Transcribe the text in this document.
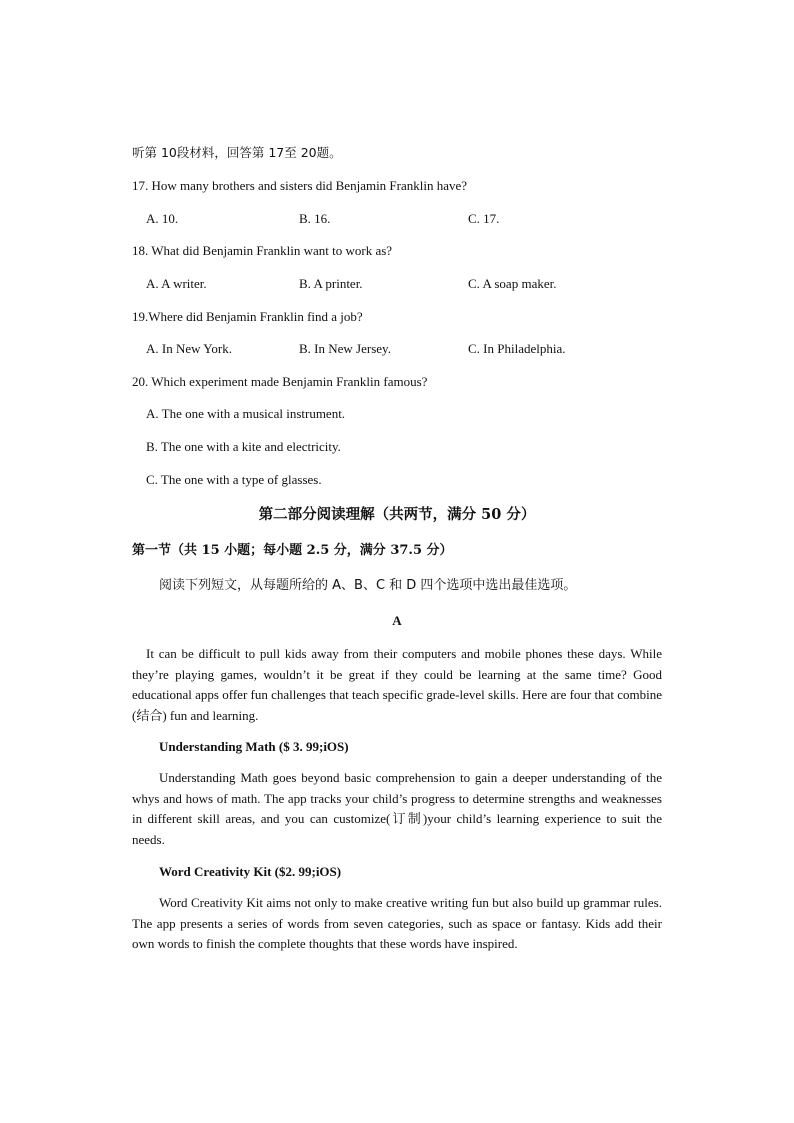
听第 10段材料，回答第 17至 20题。
17. How many brothers and sisters did Benjamin Franklin have?
A. 10.	B. 16.	C. 17.
18. What did Benjamin Franklin want to work as?
A. A writer.	B. A printer.	C. A soap maker.
19.Where did Benjamin Franklin find a job?
A. In New York.	B. In New Jersey.	C. In Philadelphia.
20. Which experiment made Benjamin Franklin famous?
A. The one with a musical instrument.
B. The one with a kite and electricity.
C. The one with a type of glasses.
第二部分阅读理解（共两节，满分 50 分）
第一节（共 15 小题；每小题 2.5 分，满分 37.5 分）
阅读下列短文，从每题所给的 A、B、C 和 D 四个选项中选出最佳选项。
A
It can be difficult to pull kids away from their computers and mobile phones these days. While they’re playing games, wouldn’t it be great if they could be learning at the same time? Good educational apps offer fun challenges that teach specific grade-level skills. Here are four that combine (结合) fun and learning.
Understanding Math ($ 3. 99;iOS)
Understanding Math goes beyond basic comprehension to gain a deeper understanding of the whys and hows of math. The app tracks your child’s progress to determine strengths and weaknesses in different skill areas, and you can customize(订制)your child’s learning experience to suit the needs.
Word Creativity Kit ($2. 99;iOS)
Word Creativity Kit aims not only to make creative writing fun but also build up grammar rules. The app presents a series of words from seven categories, such as space or fantasy. Kids add their own words to finish the complete thoughts that these words have inspired.
